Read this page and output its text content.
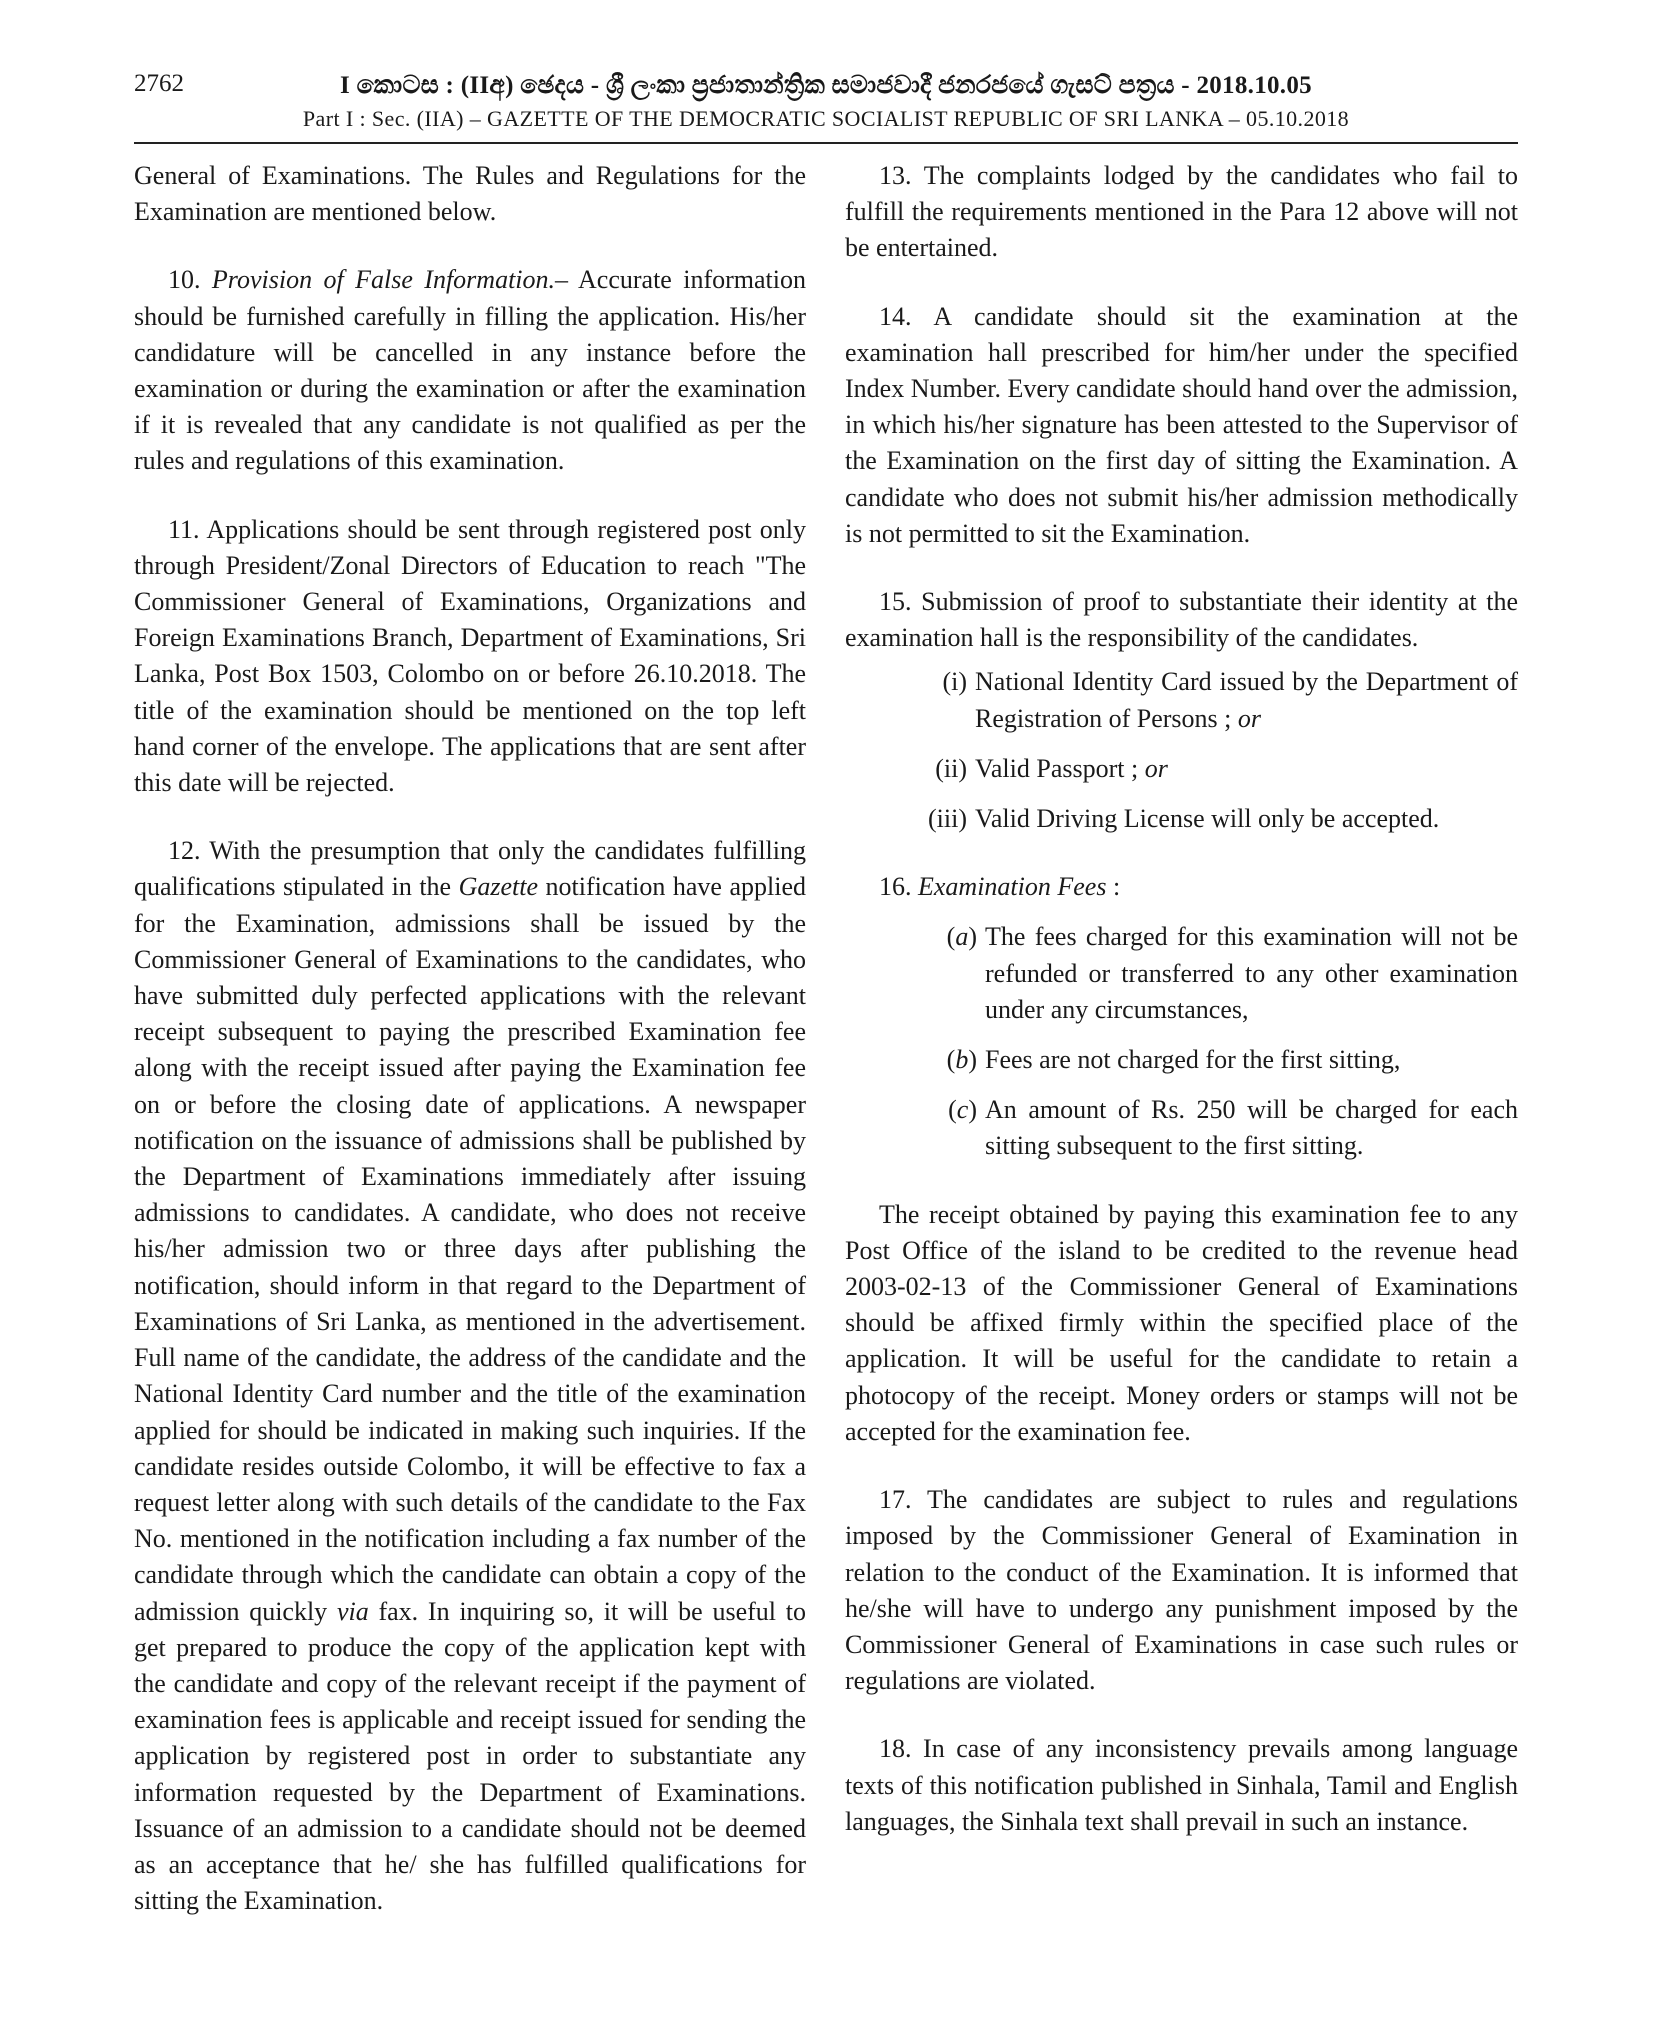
2762	I කොටස : (IIඅ) ඡෙදය - ශ්‍රී ලංකා ප්‍රජාතාන්ත්‍රික සමාජවාදී ජනරජයේ ගැසට් පත්‍රය - 2018.10.05
Part I : Sec. (IIA) – GAZETTE OF THE DEMOCRATIC SOCIALIST REPUBLIC OF SRI LANKA – 05.10.2018

General of Examinations. The Rules and Regulations for the Examination are mentioned below.

10. Provision of False Information.– Accurate information should be furnished carefully in filling the application. His/her candidature will be cancelled in any instance before the examination or during the examination or after the examination if it is revealed that any candidate is not qualified as per the rules and regulations of this examination.

11. Applications should be sent through registered post only through President/Zonal Directors of Education to reach "The Commissioner General of Examinations, Organizations and Foreign Examinations Branch, Department of Examinations, Sri Lanka, Post Box 1503, Colombo on or before 26.10.2018. The title of the examination should be mentioned on the top left hand corner of the envelope. The applications that are sent after this date will be rejected.

12. With the presumption that only the candidates fulfilling qualifications stipulated in the Gazette notification have applied for the Examination, admissions shall be issued by the Commissioner General of Examinations to the candidates, who have submitted duly perfected applications with the relevant receipt subsequent to paying the prescribed Examination fee along with the receipt issued after paying the Examination fee on or before the closing date of applications. A newspaper notification on the issuance of admissions shall be published by the Department of Examinations immediately after issuing admissions to candidates. A candidate, who does not receive his/her admission two or three days after publishing the notification, should inform in that regard to the Department of Examinations of Sri Lanka, as mentioned in the advertisement. Full name of the candidate, the address of the candidate and the National Identity Card number and the title of the examination applied for should be indicated in making such inquiries. If the candidate resides outside Colombo, it will be effective to fax a request letter along with such details of the candidate to the Fax No. mentioned in the notification including a fax number of the candidate through which the candidate can obtain a copy of the admission quickly via fax. In inquiring so, it will be useful to get prepared to produce the copy of the application kept with the candidate and copy of the relevant receipt if the payment of examination fees is applicable and receipt issued for sending the application by registered post in order to substantiate any information requested by the Department of Examinations. Issuance of an admission to a candidate should not be deemed as an acceptance that he/ she has fulfilled qualifications for sitting the Examination.

13. The complaints lodged by the candidates who fail to fulfill the requirements mentioned in the Para 12 above will not be entertained.

14. A candidate should sit the examination at the examination hall prescribed for him/her under the specified Index Number. Every candidate should hand over the admission, in which his/her signature has been attested to the Supervisor of the Examination on the first day of sitting the Examination. A candidate who does not submit his/her admission methodically is not permitted to sit the Examination.

15. Submission of proof to substantiate their identity at the examination hall is the responsibility of the candidates.

(i) National Identity Card issued by the Department of Registration of Persons ; or
(ii) Valid Passport ; or
(iii) Valid Driving License will only be accepted.
16. Examination Fees :
(a) The fees charged for this examination will not be refunded or transferred to any other examination under any circumstances,
(b) Fees are not charged for the first sitting,
(c) An amount of Rs. 250 will be charged for each sitting subsequent to the first sitting.

The receipt obtained by paying this examination fee to any Post Office of the island to be credited to the revenue head 2003-02-13 of the Commissioner General of Examinations should be affixed firmly within the specified place of the application. It will be useful for the candidate to retain a photocopy of the receipt. Money orders or stamps will not be accepted for the examination fee.

17. The candidates are subject to rules and regulations imposed by the Commissioner General of Examination in relation to the conduct of the Examination. It is informed that he/she will have to undergo any punishment imposed by the Commissioner General of Examinations in case such rules or regulations are violated.

18. In case of any inconsistency prevails among language texts of this notification published in Sinhala, Tamil and English languages, the Sinhala text shall prevail in such an instance.
